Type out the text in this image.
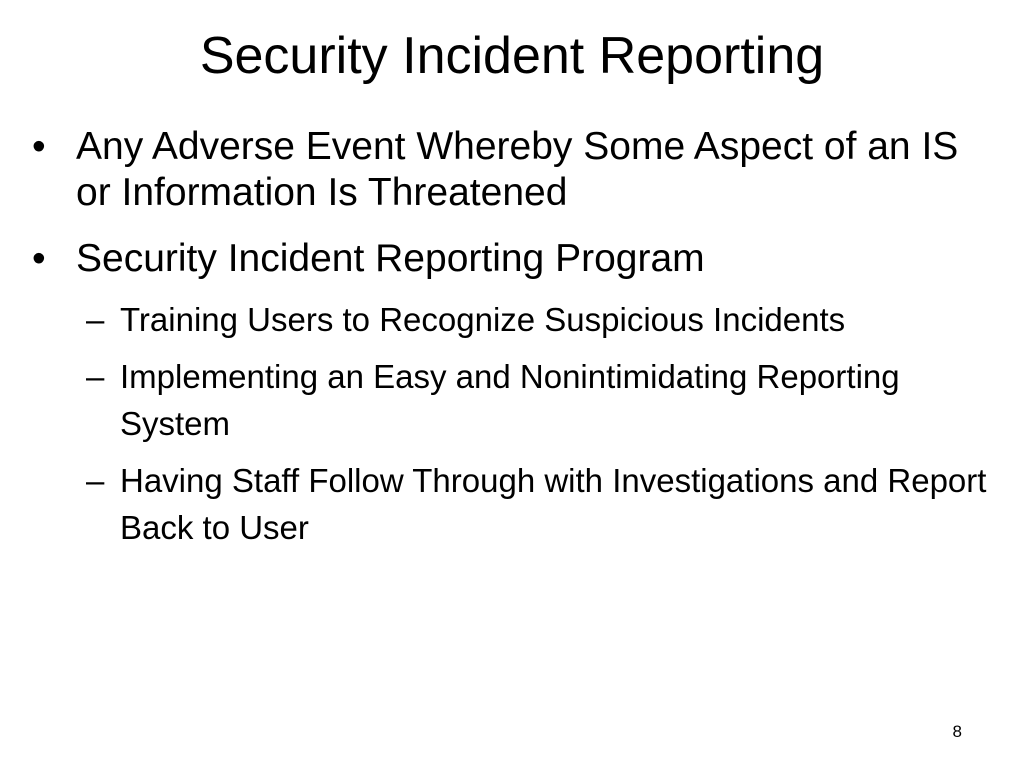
Security Incident Reporting
• Any Adverse Event Whereby Some Aspect of an IS or Information Is Threatened
• Security Incident Reporting Program
– Training Users to Recognize Suspicious Incidents
– Implementing an Easy and Nonintimidating Reporting System
– Having Staff Follow Through with Investigations and Report Back to User
8
